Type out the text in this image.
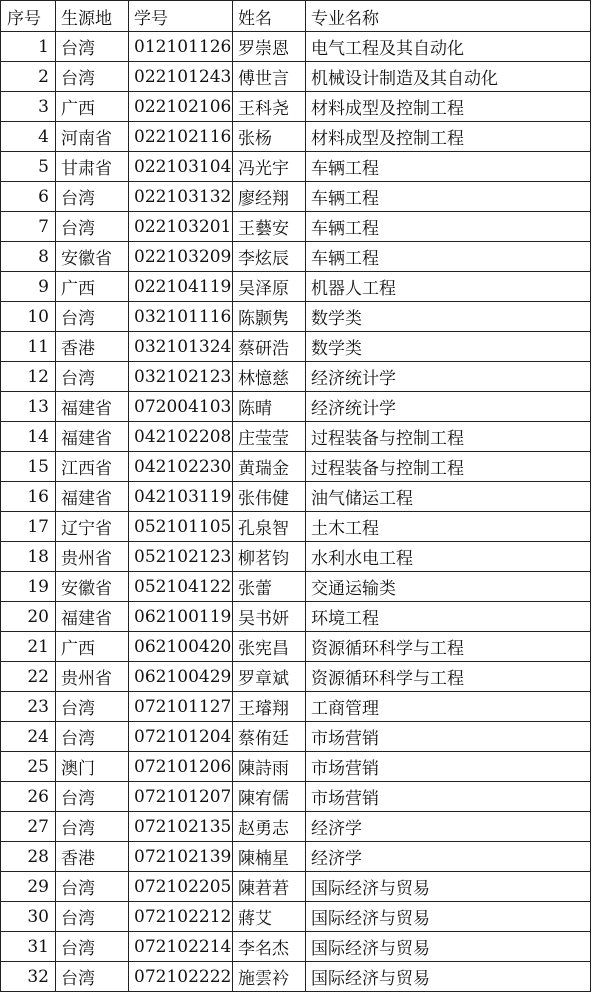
序号	生源地	学号	姓名	专业名称
1	台湾	012101126	罗崇恩	电气工程及其自动化
2	台湾	022101243	傅世言	机械设计制造及其自动化
3	广西	022102106	王科尧	材料成型及控制工程
4	河南省	022102116	张杨	材料成型及控制工程
5	甘肃省	022103104	冯光宇	车辆工程
6	台湾	022103132	廖经翔	车辆工程
7	台湾	022103201	王藝安	车辆工程
8	安徽省	022103209	李炫辰	车辆工程
9	广西	022104119	吴泽原	机器人工程
10	台湾	032101116	陈颢隽	数学类
11	香港	032101324	蔡研浩	数学类
12	台湾	032102123	林憶慈	经济统计学
13	福建省	072004103	陈晴	经济统计学
14	福建省	042102208	庄莹莹	过程装备与控制工程
15	江西省	042102230	黄瑞金	过程装备与控制工程
16	福建省	042103119	张伟健	油气储运工程
17	辽宁省	052101105	孔泉智	土木工程
18	贵州省	052102123	柳茗钧	水利水电工程
19	安徽省	052104122	张蕾	交通运输类
20	福建省	062100119	吴书妍	环境工程
21	广西	062100420	张宪昌	资源循环科学与工程
22	贵州省	062100429	罗章斌	资源循环科学与工程
23	台湾	072101127	王璿翔	工商管理
24	台湾	072101204	蔡侑廷	市场营销
25	澳门	072101206	陳詩雨	市场营销
26	台湾	072101207	陳宥儒	市场营销
27	台湾	072102135	赵勇志	经济学
28	香港	072102139	陳楠星	经济学
29	台湾	072102205	陳莙莙	国际经济与贸易
30	台湾	072102212	蔣艾	国际经济与贸易
31	台湾	072102214	李名杰	国际经济与贸易
32	台湾	072102222	施雲衿	国际经济与贸易
